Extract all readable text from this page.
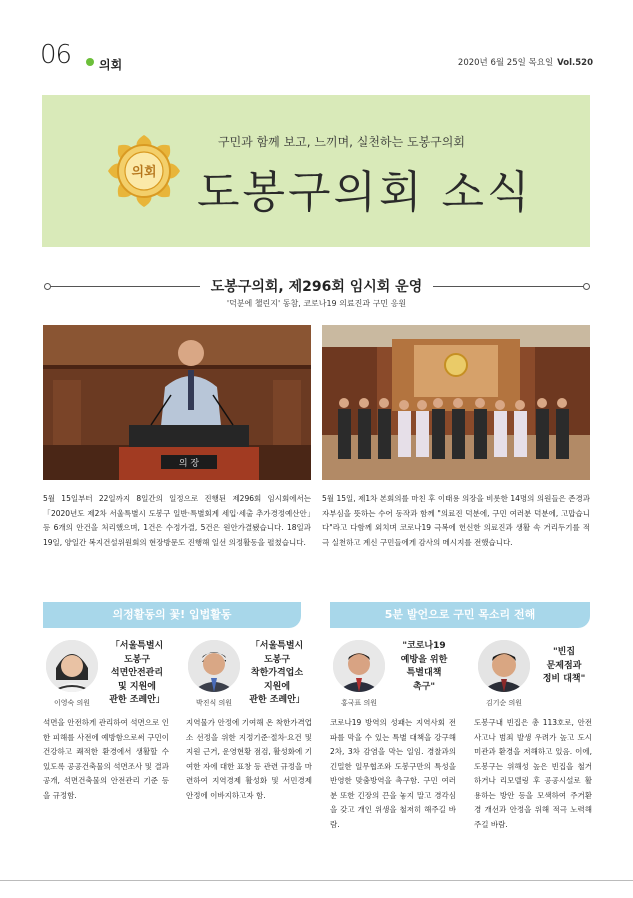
06 의회	2020년 6월 25일 목요일 Vol.520
의회
구민과 함께 보고, 느끼며, 실천하는 도봉구의회
도봉구의회 소식
도봉구의회, 제296회 임시회 운영
'덕분에 챌린지' 동참, 코로나19 의료진과 구민 응원
의 장
5월 15일부터 22일까지 8일간의 일정으로 진행된 제296회 임시회에서는 「2020년도 제2차 서울특별시 도봉구 일반·특별회계 세입·세출 추가경정예산안」등 6개의 안건을 처리했으며, 1건은 수정가결, 5건은 원안가결됐습니다. 18일과 19일, 양일간 복지건설위원회의 현장방문도 진행해 일선 의정활동을 펼쳤습니다.
5월 15일, 제1차 본회의를 마친 후 이태용 의장을 비롯한 14명의 의원들은 존경과 자부심을 뜻하는 수어 동작과 함께 "의료진 덕분에, 구민 여러분 덕분에, 고맙습니다"라고 다함께 외치며 코로나19 극복에 헌신한 의료진과 생활 속 거리두기를 적극 실천하고 계신 구민들에게 감사의 메시지를 전했습니다.
의정활동의 꽃! 입법활동	5분 발언으로 구민 목소리 전해
이영숙 의원
「서울특별시
도봉구
석면안전관리
및 지원에
관한 조례안」
석면을 안전하게 관리하여 석면으로 인한 피해를 사전에 예방함으로써 구민이 건강하고 쾌적한 환경에서 생활할 수 있도록 공공건축물의 석면조사 및 결과공개, 석면건축물의 안전관리 기준 등을 규정함.
박진식 의원
「서울특별시
도봉구
착한가격업소
지원에
관한 조례안」
지역물가 안정에 기여해 온 착한가격업소 선정을 위한 지정기준·절차·요건 및 지원 근거, 운영현황 점검, 활성화에 기여한 자에 대한 표창 등 관련 규정을 마련하여 지역경제 활성화 및 서민경제 안정에 이바지하고자 함.
홍국표 의원
"코로나19
예방을 위한
특별대책
촉구"
코로나19 방역의 성패는 지역사회 전파를 막을 수 있는 특별 대책을 강구해 2차, 3차 감염을 막는 일임. 경찰과의 긴밀한 일무협조와 도봉구만의 특성을 반영한 맞춤방역을 촉구함. 구민 여러분 또한 긴장의 끈을 놓지 말고 경각심을 갖고 개인 위생을 철저히 해주길 바람.
김기순 의원
"빈집
문제점과
정비 대책"
도봉구내 빈집은 총 113호로, 안전사고나 범죄 발생 우려가 높고 도시미관과 환경을 저해하고 있음. 이에, 도봉구는 위해성 높은 빈집을 철거하거나 리모델링 후 공공시설로 활용하는 방안 등을 모색하여 주거환경 개선과 안정을 위해 적극 노력해주길 바람.
